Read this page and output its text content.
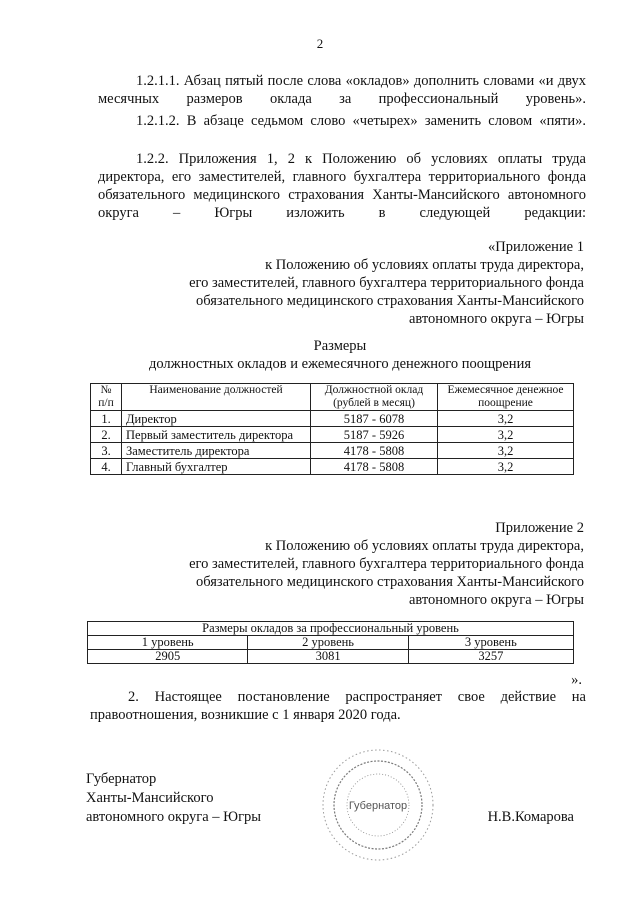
2
1.2.1.1. Абзац пятый после слова «окладов» дополнить словами «и двух месячных размеров оклада за профессиональный уровень».
1.2.1.2. В абзаце седьмом слово «четырех» заменить словом «пяти».
1.2.2. Приложения 1, 2 к Положению об условиях оплаты труда директора, его заместителей, главного бухгалтера территориального фонда обязательного медицинского страхования Ханты-Мансийского автономного округа – Югры изложить в следующей редакции:
«Приложение 1
к Положению об условиях оплаты труда директора,
его заместителей, главного бухгалтера территориального фонда
обязательного медицинского страхования Ханты-Мансийского
автономного округа – Югры
Размеры
должностных окладов и ежемесячного денежного поощрения
№ п/п	Наименование должностей	Должностной оклад (рублей в месяц)	Ежемесячное денежное поощрение
1.	Директор	5187 - 6078	3,2
2.	Первый заместитель директора	5187 - 5926	3,2
3.	Заместитель директора	4178 - 5808	3,2
4.	Главный бухгалтер	4178 - 5808	3,2
Приложение 2
к Положению об условиях оплаты труда директора,
его заместителей, главного бухгалтера территориального фонда
обязательного медицинского страхования Ханты-Мансийского
автономного округа – Югры
Размеры окладов за профессиональный уровень		
1 уровень	2 уровень	3 уровень
2905	3081	3257
».
2. Настоящее постановление распространяет свое действие на правоотношения, возникшие с 1 января 2020 года.
Губернатор
Ханты-Мансийского
автономного округа – Югры
Губернатор
Н.В.Комарова
